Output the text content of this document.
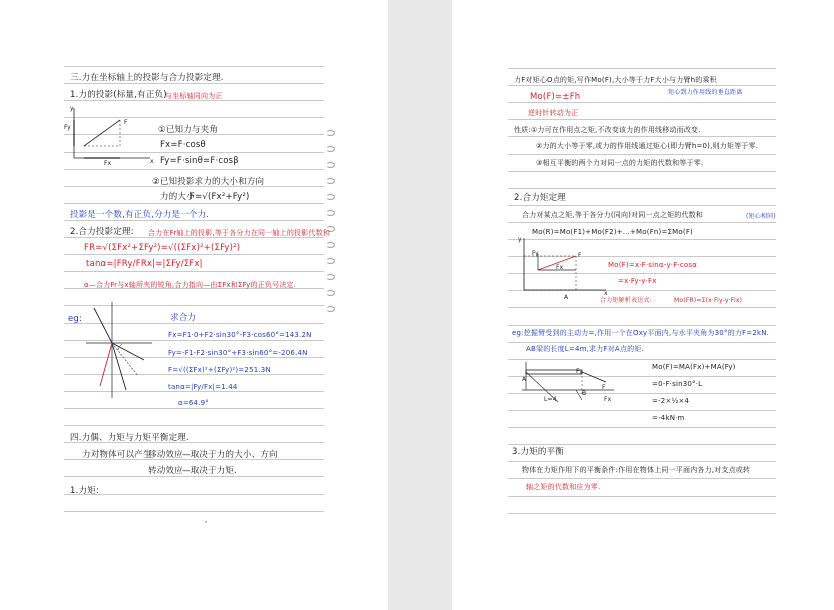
三.力在坐标轴上的投影与合力投影定理.
1.力的投影(标量,有正负)
与坐标轴同向为正
y
Fy
F
x
Fx
①已知力与夹角
Fx=F·cosθ
Fy=F·sinθ=F·cosβ
②已知投影求力的大小和方向
力的大小
F=√(Fx²+Fy²)
投影是一个数,有正负,分力是一个力.
2.合力投影定理: 合力在Fr轴上的投影,等于各分力在同一轴上的投影代数和
FR=√(ΣFx²+ΣFy²)=√((ΣFx)²+(ΣFy)²)
tanα=|FRy/FRx|=|ΣFy/ΣFx|
α—合力Fr与x轴所夹的锐角,合力指向—由ΣFx和ΣFy的正负号决定.
eg:	求合力
Fx=F1·0+F2·sin30°-F3·cos60°=143.2N
Fy=-F1-F2·sin30°+F3·sin60°=-206.4N
F=√((ΣFx)²+(ΣFy)²)=251.3N
tanα=|Fy/Fx|=1.44
α=64.9°
四.力偶、力矩与力矩平衡定理.
力对物体可以产生
移动效应 —取决于力的大小、方向
转动效应 —取决于力矩.
1.力矩:
力F对矩心O点的矩,写作Mo(F),大小等于力F大小与力臂h的乘积
Mo(F)=±Fh	矩心到力作用线的垂直距离
逆时针转动为正
性质:①力可在作用点之矩,不改变该力的作用线移动而改变.
②力的大小等于零,或力的作用线通过矩心(即力臂h=0),则力矩等于零.
③相互平衡的两个力对同一点的力矩的代数和等于零.
2.合力矩定理
合力对某点之矩,等于各分力(同向)对同一点之矩的代数和	(矩心相同)
Mo(R)=Mo(F1)+Mo(F2)+…+Mo(Fn)=ΣMo(F)
y
Fy
Fx
F
x
A
Mo(F)=x·F·sinα-y·F·cosα
=x·Fy-y·Fx
合力矩解析表达式:	Mo(FR)=Σ(x·Fiy-y·Fix)
eg:挖掘臂受到的主动力=,作用一个在Oxy平面内,与水平夹角为30°的力F=2kN.
AB梁的长度L=4m,求力F对A点的矩.
A
B
F
L=4	Fx
Fy
Mo(F)=MA(Fx)+MA(Fy)
=0-F·sin30°·L
=-2×½×4
=-4kN·m
3.力矩的平衡
物体在力矩作用下的平衡条件:作用在物体上同一平面内各力,对支点或转
轴之矩的代数和应为零.
